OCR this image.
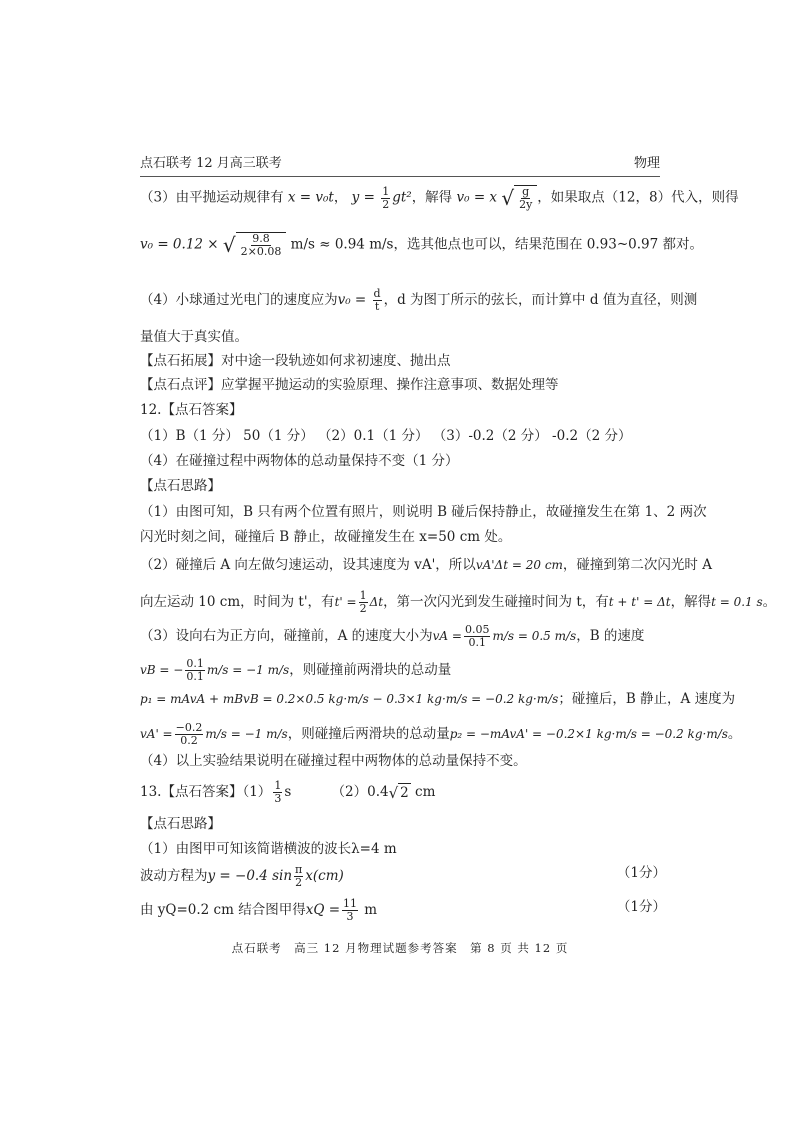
点石联考 12 月高三联考	物理
（3）由平抛运动规律有 x = v₀t， $y = \frac{1}{2} gt^2$，解得 v₀ = x √ $\frac{g}{2y}$ ，如果取点（12，8）代入，则得
v₀ = 0.12 × √ $\frac{9.8}{2\times 0.08} m/s \approx 0.94$ m/s，选其他点也可以，结果范围在 0.93~0.97 都对。
（4）小球通过光电门的速度应为$v_0 = \frac{d}{t}$ ，d 为图丁所示的弦长，而计算中 d 值为直径，则测
量值大于真实值。
【点石拓展】对中途一段轨迹如何求初速度、抛出点
【点石点评】应掌握平抛运动的实验原理、操作注意事项、数据处理等
12.【点石答案】
（1）B（1 分） 50（1 分） （2）0.1（1 分） （3）-0.2（2 分） -0.2（2 分）
（4）在碰撞过程中两物体的总动量保持不变（1 分）
【点石思路】
（1）由图可知，B 只有两个位置有照片，则说明 B 碰后保持静止，故碰撞发生在第 1、2 两次
闪光时刻之间，碰撞后 B 静止，故碰撞发生在 x=50 cm 处。
（2）碰撞后 A 向左做匀速运动，设其速度为 vA'，所以vA'Δt = 20 cm，碰撞到第二次闪光时 A
向左运动 10 cm，时间为 t'，有$t' = \frac{1}{2}$ Δt，第一次闪光到发生碰撞时间为 t，有t + t' = Δt，解得t = 0.1 s。
（3）设向右为正方向，碰撞前，A 的速度大小为vA = $\frac{0.05}{0.1} m/s = 0.5$ m/s，B 的速度
vB = − $\frac{0.1}{0.1} m/s = -1$ m/s，则碰撞前两滑块的总动量
p₁ = mAvA + mBvB = 0.2×0.5 kg·m/s − 0.3×1 kg·m/s = −0.2 kg·m/s；碰撞后，B 静止，A 速度为
$vA' = \frac{-0.2}{0.2} m/s = -1$ m/s，则碰撞后两滑块的总动量p₂ = −mAvA' = −0.2×1 kg·m/s = −0.2 kg·m/s。
（4）以上实验结果说明在碰撞过程中两物体的总动量保持不变。
13.【点石答案】$(1) \frac{1}{3}$ s	（2）0.4 √ 2 cm
【点石思路】
（1）由图甲可知该简谐横波的波长λ=4 m
波动方程为y = −0.4 $\sin \frac{\pi}{2} x(cm)$	（1分）
由 yQ=0.2 cm 结合图甲得xQ = $\frac{11}{3}$ m	（1分）
点石联考　高三 12 月物理试题参考答案　第 8 页 共 12 页
